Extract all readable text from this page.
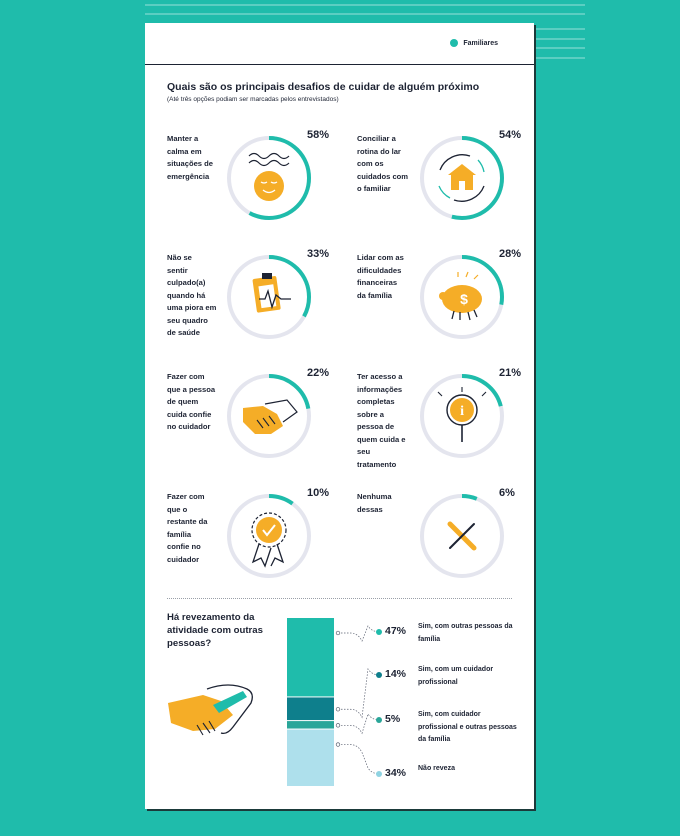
Familiares
Quais são os principais desafios de cuidar de alguém próximo
(Até três opções podiam ser marcadas pelos entrevistados)
Manter a
calma em
situações de
emergência
58%	Conciliar a
rotina do lar
com os
cuidados com
o familiar
54%
Não se
sentir
culpado(a)
quando há
uma piora em
seu quadro
de saúde
33%	Lidar com as
dificuldades
financeiras
da família
28%
$
Fazer com
que a pessoa
de quem
cuida confie
no cuidador
22%	Ter acesso a
informações
completas
sobre a
pessoa de
quem cuida e
seu
tratamento
21%
i
Fazer com
que o
restante da
família
confie no
cuidador
10%	Nenhuma
dessas
6%
Há revezamento da atividade com outras pessoas?
47% Sim, com outras pessoas da família
14% Sim, com um cuidador profissional
5%	Sim, com cuidador profissional e outras pessoas da família
34% Não reveza
